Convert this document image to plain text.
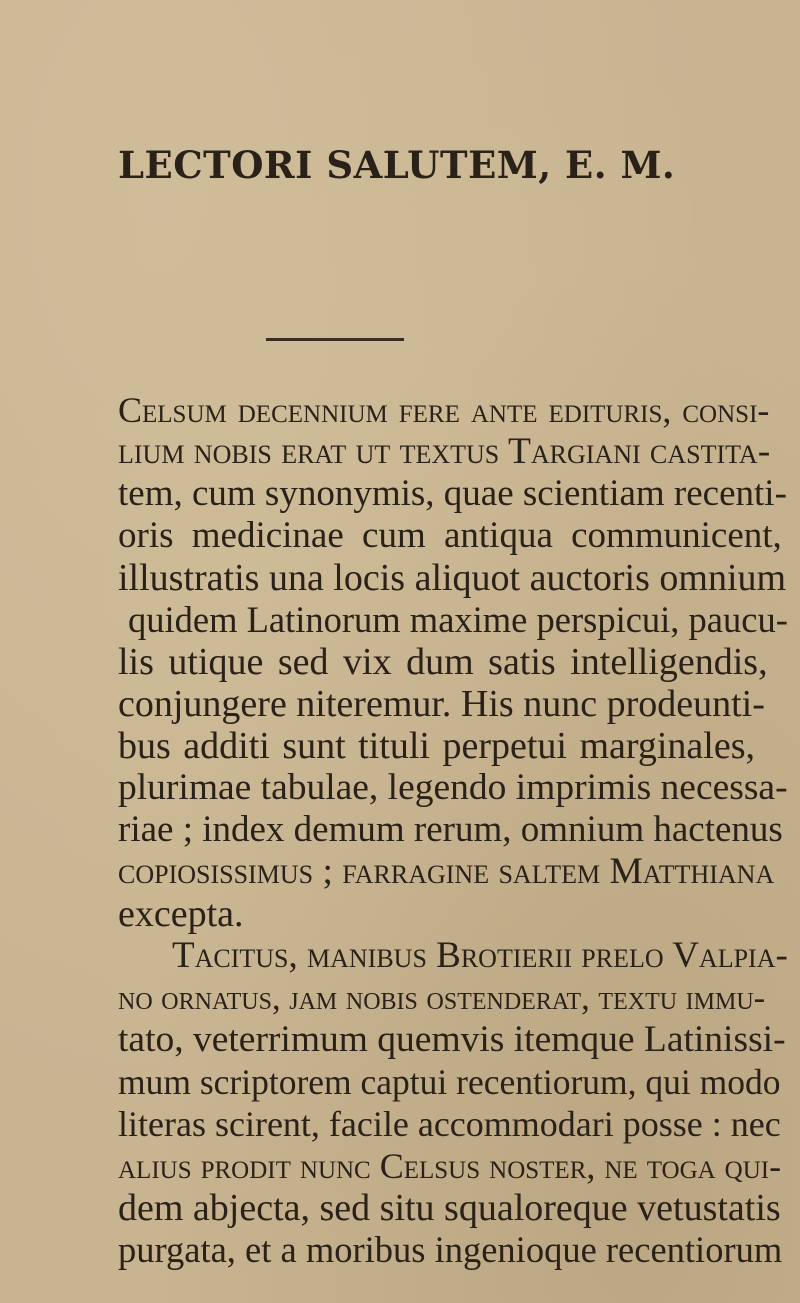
LECTORI SALUTEM, E. M.
Celsum decennium fere ante edituris, consi-
lium nobis erat ut textus Targiani castita-
tem, cum synonymis, quae scientiam recenti-
oris medicinae cum antiqua communicent,
illustratis una locis aliquot auctoris omnium
quidem Latinorum maxime perspicui, paucu-
lis utique sed vix dum satis intelligendis,
conjungere niteremur. His nunc prodeunti-
bus additi sunt tituli perpetui marginales,
plurimae tabulae, legendo imprimis necessa-
riae ; index demum rerum, omnium hactenus
copiosissimus ; farragine saltem Matthiana
excepta.
Tacitus, manibus Brotierii prelo Valpia-
no ornatus, jam nobis ostenderat, textu immu-
tato, veterrimum quemvis itemque Latinissi-
mum scriptorem captui recentiorum, qui modo
literas scirent, facile accommodari posse : nec
alius prodit nunc Celsus noster, ne toga qui-
dem abjecta, sed situ squaloreque vetustatis
purgata, et a moribus ingenioque recentiorum
